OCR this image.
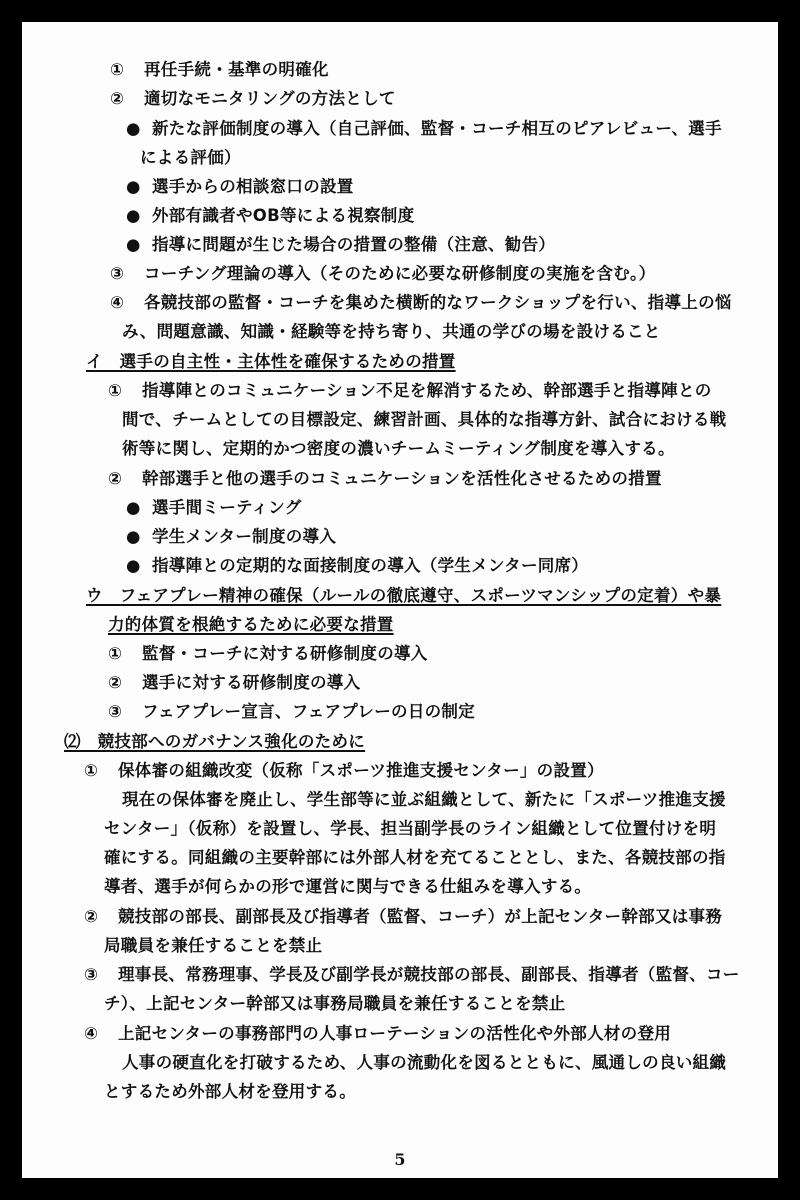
① 再任手続・基準の明確化
② 適切なモニタリングの方法として
● 新たな評価制度の導入（自己評価、監督・コーチ相互のピアレビュー、選手
による評価）
● 選手からの相談窓口の設置
● 外部有識者やOB等による視察制度
● 指導に問題が生じた場合の措置の整備（注意、勧告）
③ コーチング理論の導入（そのために必要な研修制度の実施を含む。）
④ 各競技部の監督・コーチを集めた横断的なワークショップを行い、指導上の悩
み、問題意識、知識・経験等を持ち寄り、共通の学びの場を設けること
イ　選手の自主性・主体性を確保するための措置
① 指導陣とのコミュニケーション不足を解消するため、幹部選手と指導陣との
間で、チームとしての目標設定、練習計画、具体的な指導方針、試合における戦
術等に関し、定期的かつ密度の濃いチームミーティング制度を導入する。
② 幹部選手と他の選手のコミュニケーションを活性化させるための措置
● 選手間ミーティング
● 学生メンター制度の導入
● 指導陣との定期的な面接制度の導入（学生メンター同席）
ウ　フェアプレー精神の確保（ルールの徹底遵守、スポーツマンシップの定着）や暴
力的体質を根絶するために必要な措置
① 監督・コーチに対する研修制度の導入
② 選手に対する研修制度の導入
③ フェアプレー宣言、フェアプレーの日の制定
⑵　競技部へのガバナンス強化のために
① 保体審の組織改変（仮称「スポーツ推進支援センター」の設置）
現在の保体審を廃止し、学生部等に並ぶ組織として、新たに「スポーツ推進支援
センター」（仮称）を設置し、学長、担当副学長のライン組織として位置付けを明
確にする。同組織の主要幹部には外部人材を充てることとし、また、各競技部の指
導者、選手が何らかの形で運営に関与できる仕組みを導入する。
② 競技部の部長、副部長及び指導者（監督、コーチ）が上記センター幹部又は事務
局職員を兼任することを禁止
③ 理事長、常務理事、学長及び副学長が競技部の部長、副部長、指導者（監督、コー
チ）、上記センター幹部又は事務局職員を兼任することを禁止
④ 上記センターの事務部門の人事ローテーションの活性化や外部人材の登用
人事の硬直化を打破するため、人事の流動化を図るとともに、風通しの良い組織
とするため外部人材を登用する。
5
